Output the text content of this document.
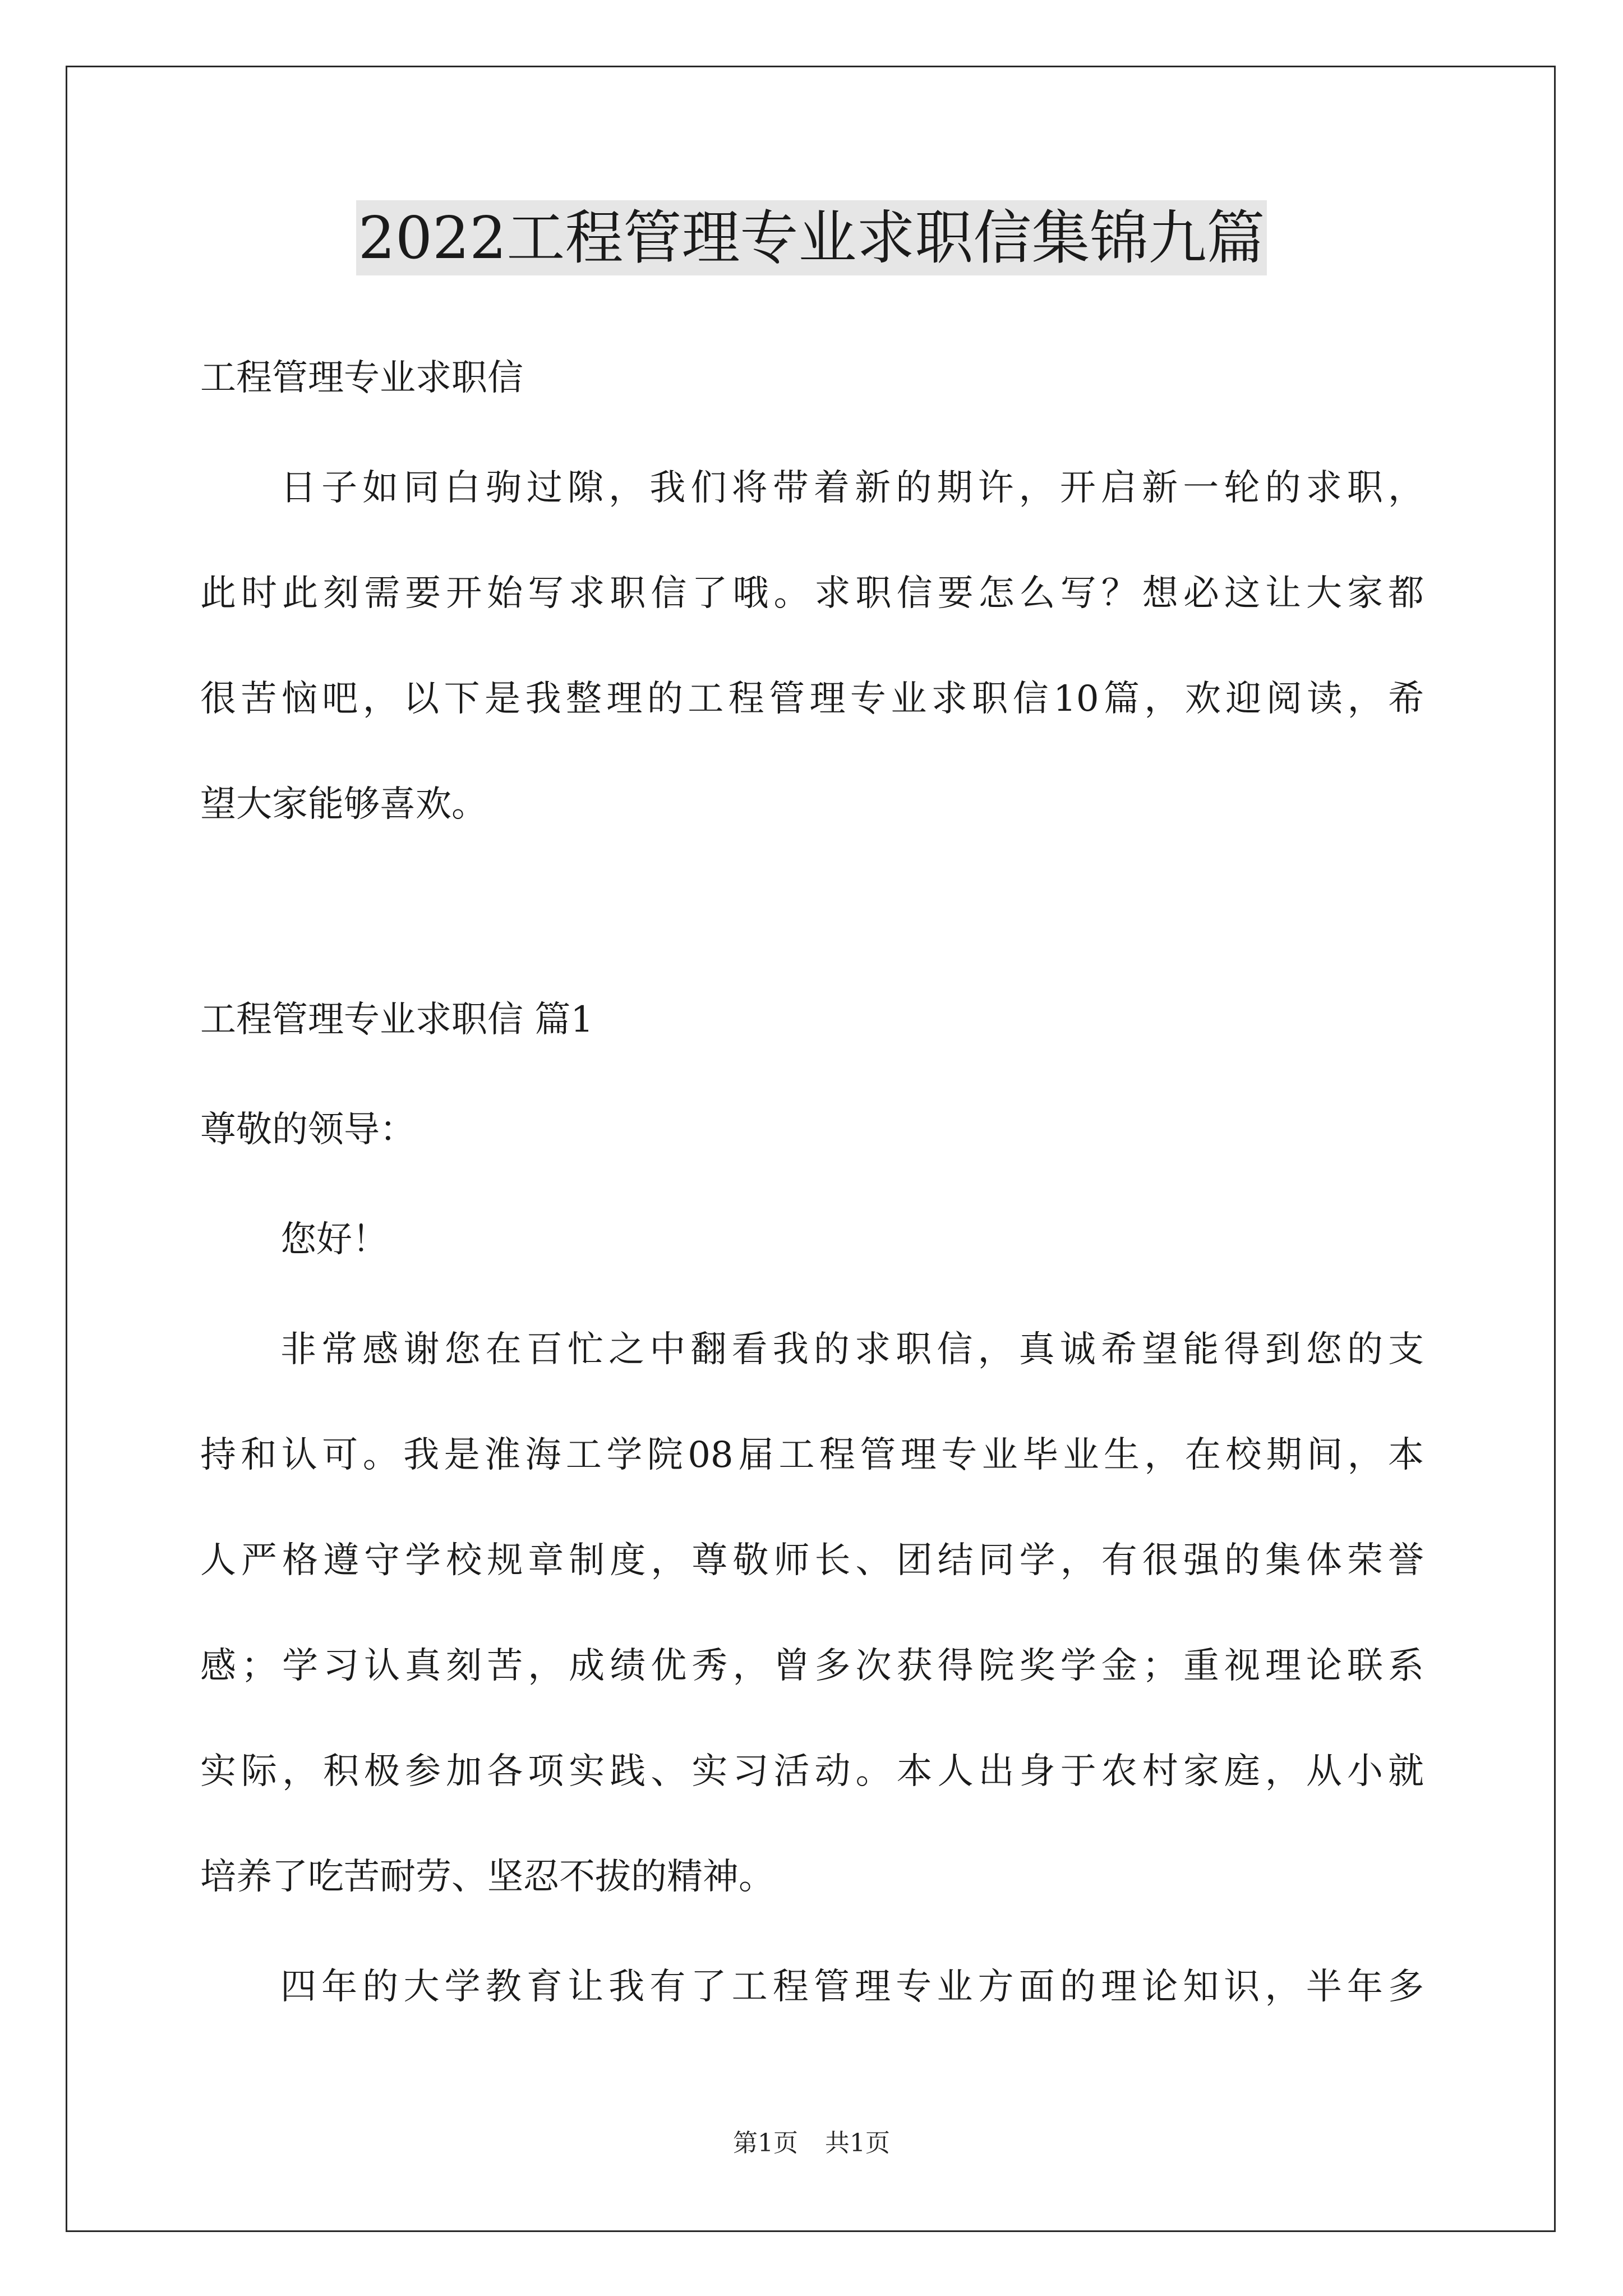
2022工程管理专业求职信集锦九篇
工程管理专业求职信
日子如同白驹过隙，我们将带着新的期许，开启新一轮的求职，
此时此刻需要开始写求职信了哦。求职信要怎么写？想必这让大家都
很苦恼吧，以下是我整理的工程管理专业求职信10篇，欢迎阅读，希
望大家能够喜欢。
工程管理专业求职信 篇1
尊敬的领导：
您好！
非常感谢您在百忙之中翻看我的求职信，真诚希望能得到您的支
持和认可。我是淮海工学院08届工程管理专业毕业生，在校期间，本
人严格遵守学校规章制度，尊敬师长、团结同学，有很强的集体荣誉
感；学习认真刻苦，成绩优秀，曾多次获得院奖学金；重视理论联系
实际，积极参加各项实践、实习活动。本人出身于农村家庭，从小就
培养了吃苦耐劳、坚忍不拔的精神。
四年的大学教育让我有了工程管理专业方面的理论知识，半年多
第1页 共1页
